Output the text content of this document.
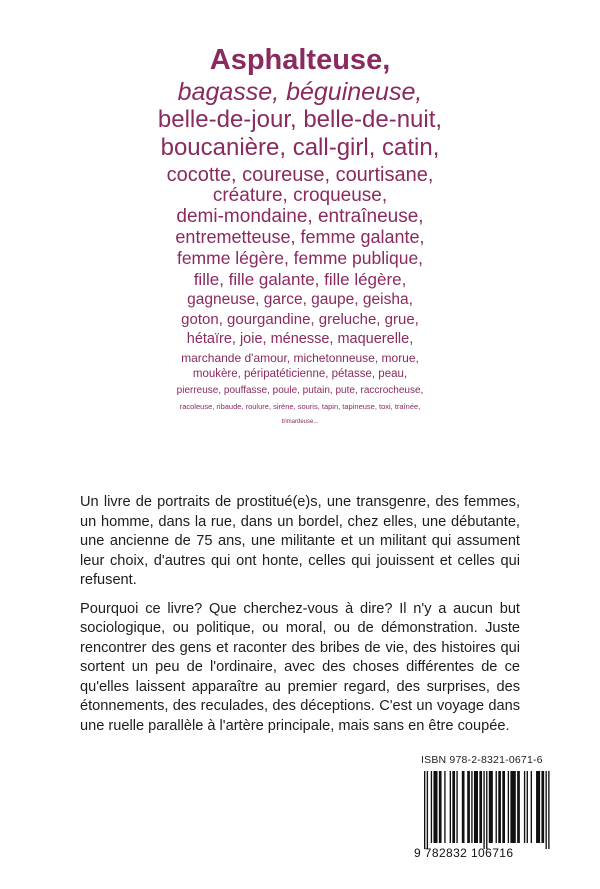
Asphalteuse,
bagasse, béguineuse,
belle-de-jour, belle-de-nuit,
boucanière, call-girl, catin,
cocotte, coureuse, courtisane,
créature, croqueuse,
demi-mondaine, entraîneuse,
entremetteuse, femme galante,
femme légère, femme publique,
fille, fille galante, fille légère,
gagneuse, garce, gaupe, geisha,
goton, gourgandine, greluche, grue,
hétaïre, joie, ménesse, maquerelle,
marchande d'amour, michetonneuse, morue,
moukère, péripatéticienne, pétasse, peau,
pierreuse, pouffasse, poule, putain, pute, raccrocheuse,
racoleuse, ribaude, roulure, sirène, souris, tapin, tapineuse, toxi, traînée,
trimardeuse...

Un livre de portraits de prostitué(e)s, une transgenre, des femmes, un homme, dans la rue, dans un bordel, chez elles, une débutante, une ancienne de 75 ans, une militante et un militant qui assument leur choix, d'autres qui ont honte, celles qui jouissent et celles qui refusent.

Pourquoi ce livre? Que cherchez-vous à dire? Il n'y a aucun but sociologique, ou politique, ou moral, ou de démonstration. Juste rencontrer des gens et raconter des bribes de vie, des histoires qui sortent un peu de l'ordinaire, avec des choses différentes de ce qu'elles laissent apparaître au premier regard, des surprises, des étonnements, des reculades, des déceptions. C'est un voyage dans une ruelle parallèle à l'artère principale, mais sans en être coupée.

ISBN 978-2-8321-0671-6
9 782832 106716
